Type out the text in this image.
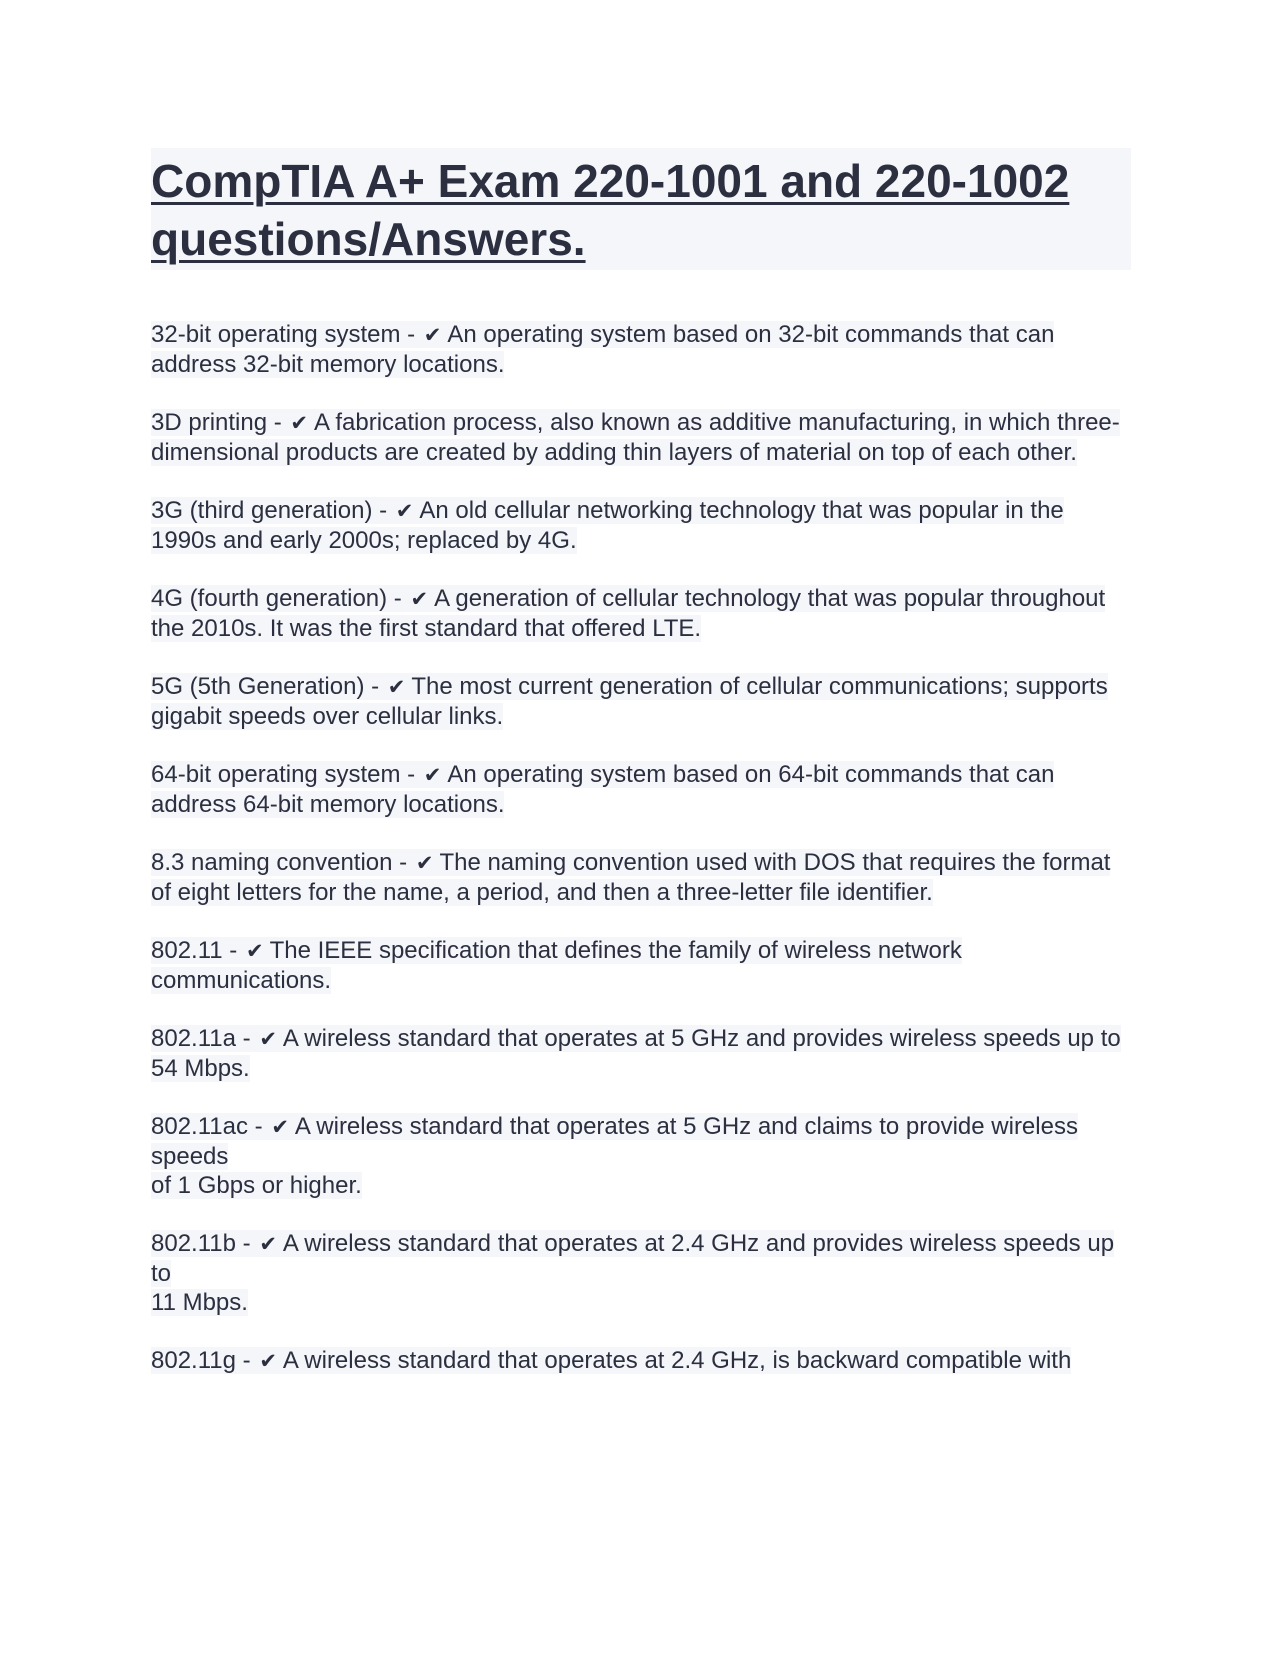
CompTIA A+ Exam 220-1001 and 220-1002 questions/Answers.

32-bit operating system - ✔ An operating system based on 32-bit commands that can address 32-bit memory locations.

3D printing - ✔ A fabrication process, also known as additive manufacturing, in which three-dimensional products are created by adding thin layers of material on top of each other.

3G (third generation) - ✔ An old cellular networking technology that was popular in the 1990s and early 2000s; replaced by 4G.

4G (fourth generation) - ✔ A generation of cellular technology that was popular throughout
the 2010s. It was the first standard that offered LTE.

5G (5th Generation) - ✔ The most current generation of cellular communications; supports
gigabit speeds over cellular links.

64-bit operating system - ✔ An operating system based on 64-bit commands that can address 64-bit memory locations.

8.3 naming convention - ✔ The naming convention used with DOS that requires the format
of eight letters for the name, a period, and then a three-letter file identifier.

802.11 - ✔ The IEEE specification that defines the family of wireless network communications.

802.11a - ✔ A wireless standard that operates at 5 GHz and provides wireless speeds up to
54 Mbps.

802.11ac - ✔ A wireless standard that operates at 5 GHz and claims to provide wireless speeds
of 1 Gbps or higher.

802.11b - ✔ A wireless standard that operates at 2.4 GHz and provides wireless speeds up to
11 Mbps.

802.11g - ✔ A wireless standard that operates at 2.4 GHz, is backward compatible with
